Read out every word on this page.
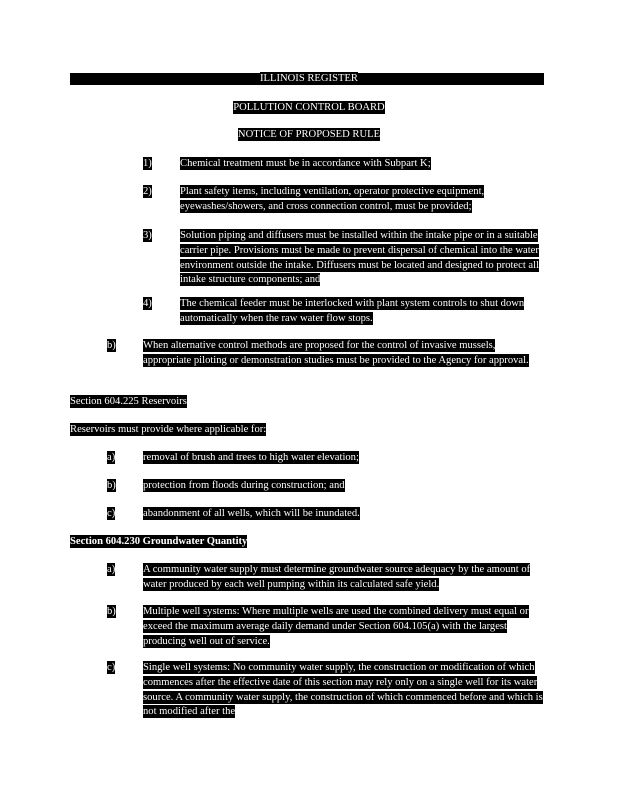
ILLINOIS REGISTER
POLLUTION CONTROL BOARD
NOTICE OF PROPOSED RULE
1)	Chemical treatment must be in accordance with Subpart K;
2)	Plant safety items, including ventilation, operator protective equipment, eyewashes/showers, and cross connection control, must be provided;
3)	Solution piping and diffusers must be installed within the intake pipe or in a suitable carrier pipe. Provisions must be made to prevent dispersal of chemical into the water environment outside the intake. Diffusers must be located and designed to protect all intake structure components; and
4)	The chemical feeder must be interlocked with plant system controls to shut down automatically when the raw water flow stops.
b)	When alternative control methods are proposed for the control of invasive mussels, appropriate piloting or demonstration studies must be provided to the Agency for approval.
Section 604.225 Reservoirs
Reservoirs must provide where applicable for:
a)	removal of brush and trees to high water elevation;
b)	protection from floods during construction; and
c)	abandonment of all wells, which will be inundated.
Section 604.230 Groundwater Quantity
a)	A community water supply must determine groundwater source adequacy by the amount of water produced by each well pumping within its calculated safe yield.
b)	Multiple well systems: Where multiple wells are used the combined delivery must equal or exceed the maximum average daily demand under Section 604.105(a) with the largest producing well out of service.
c)	Single well systems: No community water supply, the construction or modification of which commences after the effective date of this section may rely only on a single well for its water source. A community water supply, the construction of which commenced before and which is not modified after the
